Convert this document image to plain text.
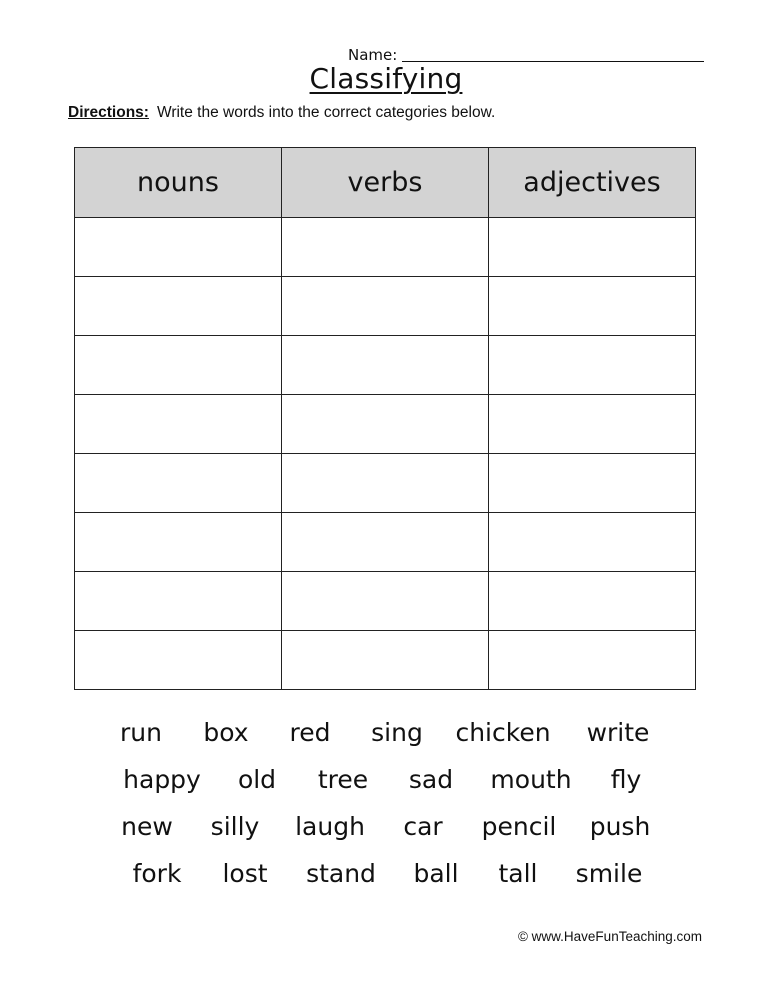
Name:
Classifying
Directions: Write the words into the correct categories below.
nouns	verbs	adjectives

run box red sing chicken write
happy old tree sad mouth fly
new silly laugh car pencil push
fork lost stand ball tall smile
© www.HaveFunTeaching.com
